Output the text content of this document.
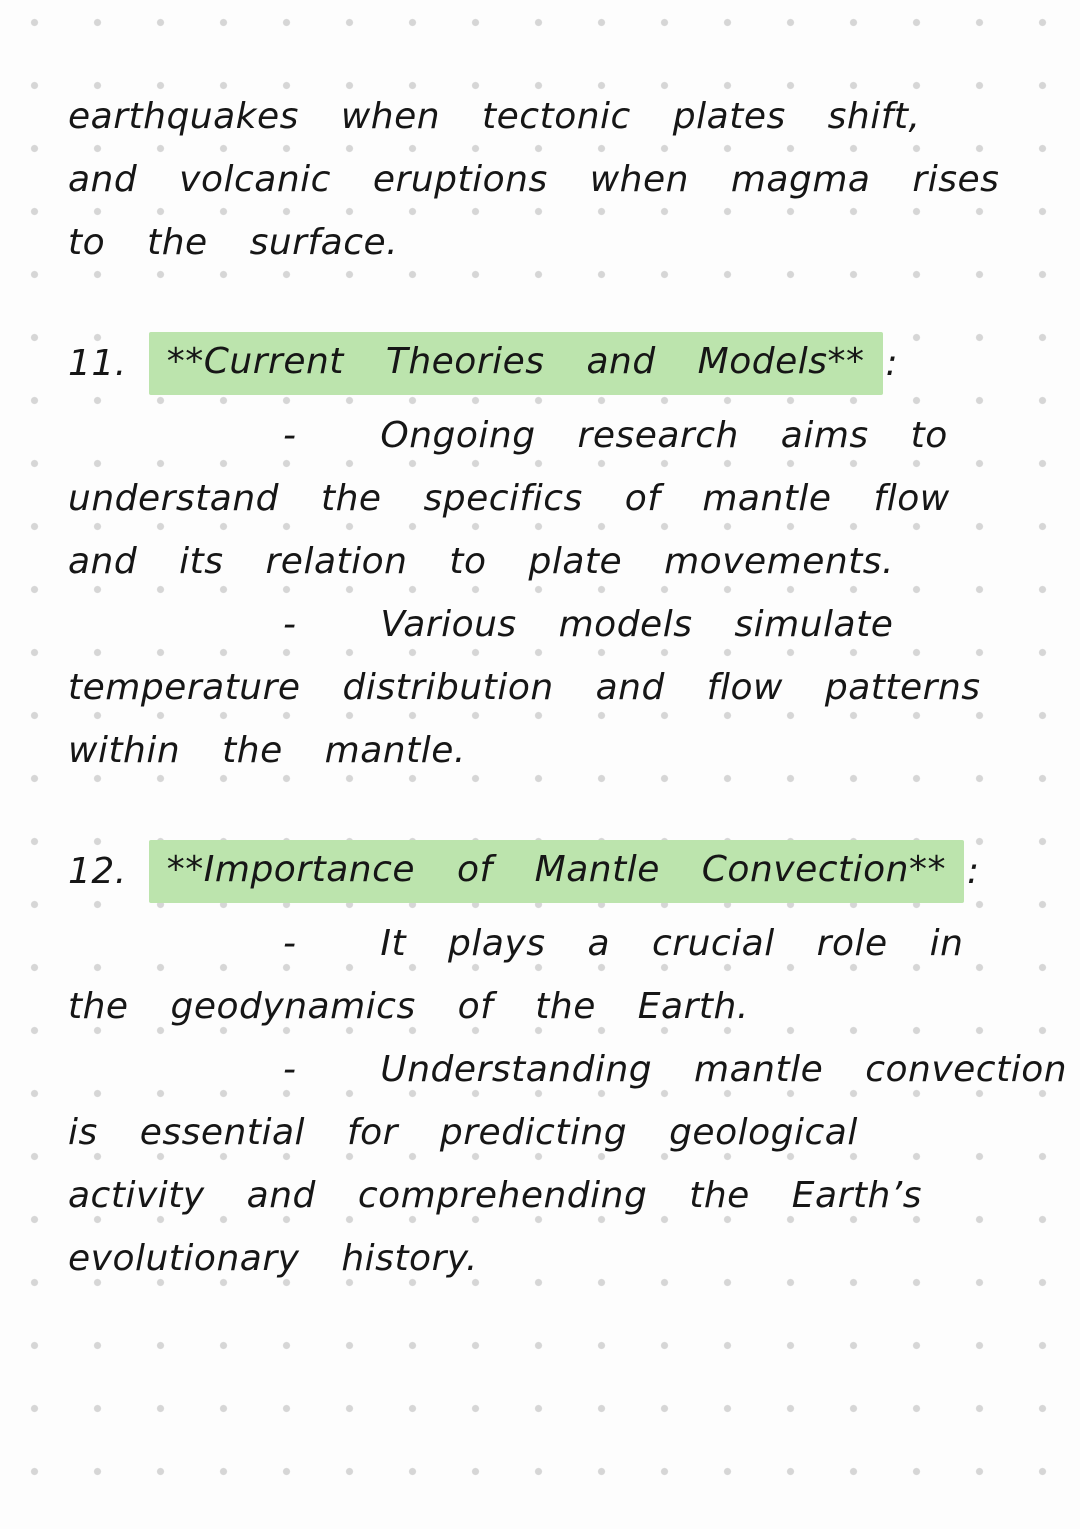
earthquakes when tectonic plates shift,
and volcanic eruptions when magma rises
to the surface.
11.	**Current Theories and Models** :
-  Ongoing research aims to
understand the specifics of mantle flow
and its relation to plate movements.
-  Various models simulate
temperature distribution and flow patterns
within the mantle.
12.	**Importance of Mantle Convection** :
-  It plays a crucial role in
the geodynamics of the Earth.
-  Understanding mantle convection
is essential for predicting geological
activity and comprehending the Earth’s
evolutionary history.
